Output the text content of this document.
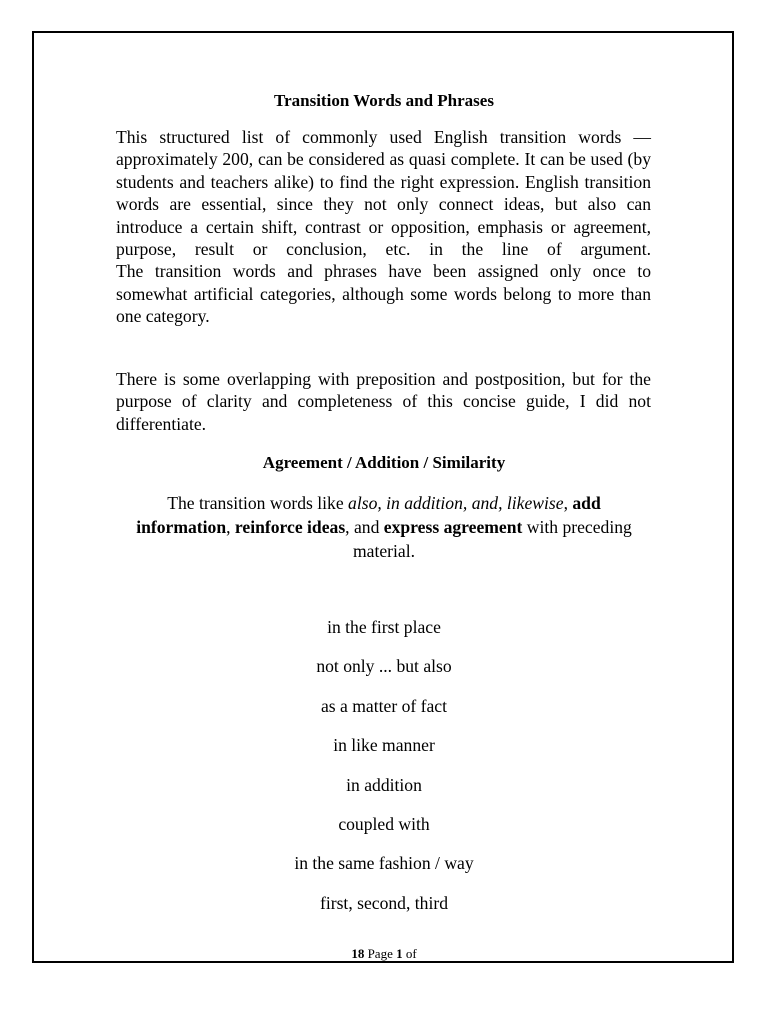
Transition Words and Phrases

This structured list of commonly used English transition words — approximately 200, can be considered as quasi complete. It can be used (by students and teachers alike) to find the right expression. English transition words are essential, since they not only connect ideas, but also can introduce a certain shift, contrast or opposition, emphasis or agreement, purpose, result or conclusion, etc. in the line of argument.

The transition words and phrases have been assigned only once to somewhat artificial categories, although some words belong to more than one category.

There is some overlapping with preposition and postposition, but for the purpose of clarity and completeness of this concise guide, I did not differentiate.

Agreement / Addition / Similarity

The transition words like also, in addition, and, likewise, add information, reinforce ideas, and express agreement with preceding material.

in the first place
not only ... but also
as a matter of fact
in like manner
in addition
coupled with
in the same fashion / way
first, second, third
18 Page 1 of
